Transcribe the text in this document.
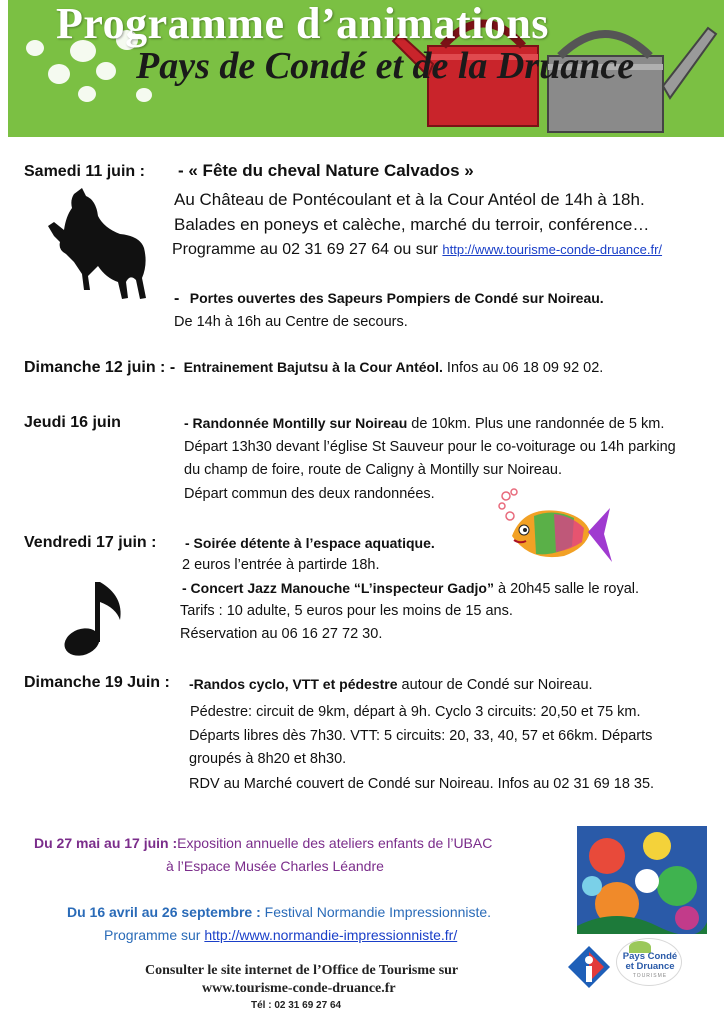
Programme d’animations
Pays de Condé et de la Druance
Samedi 11 juin : - « Fête du cheval Nature Calvados »
Au Château de Pontécoulant et à la Cour Antéol de 14h à 18h.
Balades en poneys et calèche, marché du terroir, conférence…
Programme au 02 31 69 27 64 ou sur http://www.tourisme-conde-druance.fr/
- Portes ouvertes des Sapeurs Pompiers de Condé sur Noireau.
De 14h à 16h au Centre de secours.
Dimanche 12 juin : - Entrainement Bajutsu à la Cour Antéol. Infos au 06 18 09 92 02.
Jeudi 16 juin	- Randonnée Montilly sur Noireau de 10km. Plus une randonnée de 5 km.
Départ 13h30 devant l’église St Sauveur pour le co-voiturage ou 14h parking
du champ de foire, route de Caligny à Montilly sur Noireau.
Départ commun des deux randonnées.
Vendredi 17 juin : - Soirée détente à l’espace aquatique.
2 euros l’entrée à partirde 18h.
- Concert Jazz Manouche “L’inspecteur Gadjo” à 20h45 salle le royal.
Tarifs : 10 adulte, 5 euros pour les moins de 15 ans.
Réservation au 06 16 27 72 30.
Dimanche 19 Juin : -Randos cyclo, VTT et pédestre autour de Condé sur Noireau.
Pédestre: circuit de 9km, départ à 9h. Cyclo 3 circuits: 20,50 et 75 km.
Départs libres dès 7h30. VTT: 5 circuits: 20, 33, 40, 57 et 66km. Départs
groupés à 8h20 et 8h30.
RDV au Marché couvert de Condé sur Noireau. Infos au 02 31 69 18 35.
Du 27 mai au 17 juin :Exposition annuelle des ateliers enfants de l’UBAC
à l’Espace Musée Charles Léandre
Du 16 avril au 26 septembre : Festival Normandie Impressionniste.
Programme sur http://www.normandie-impressionniste.fr/
Pays Condé
et Druance
TOURISME
Consulter le site internet de l’Office de Tourisme sur
www.tourisme-conde-druance.fr
Tél : 02 31 69 27 64
